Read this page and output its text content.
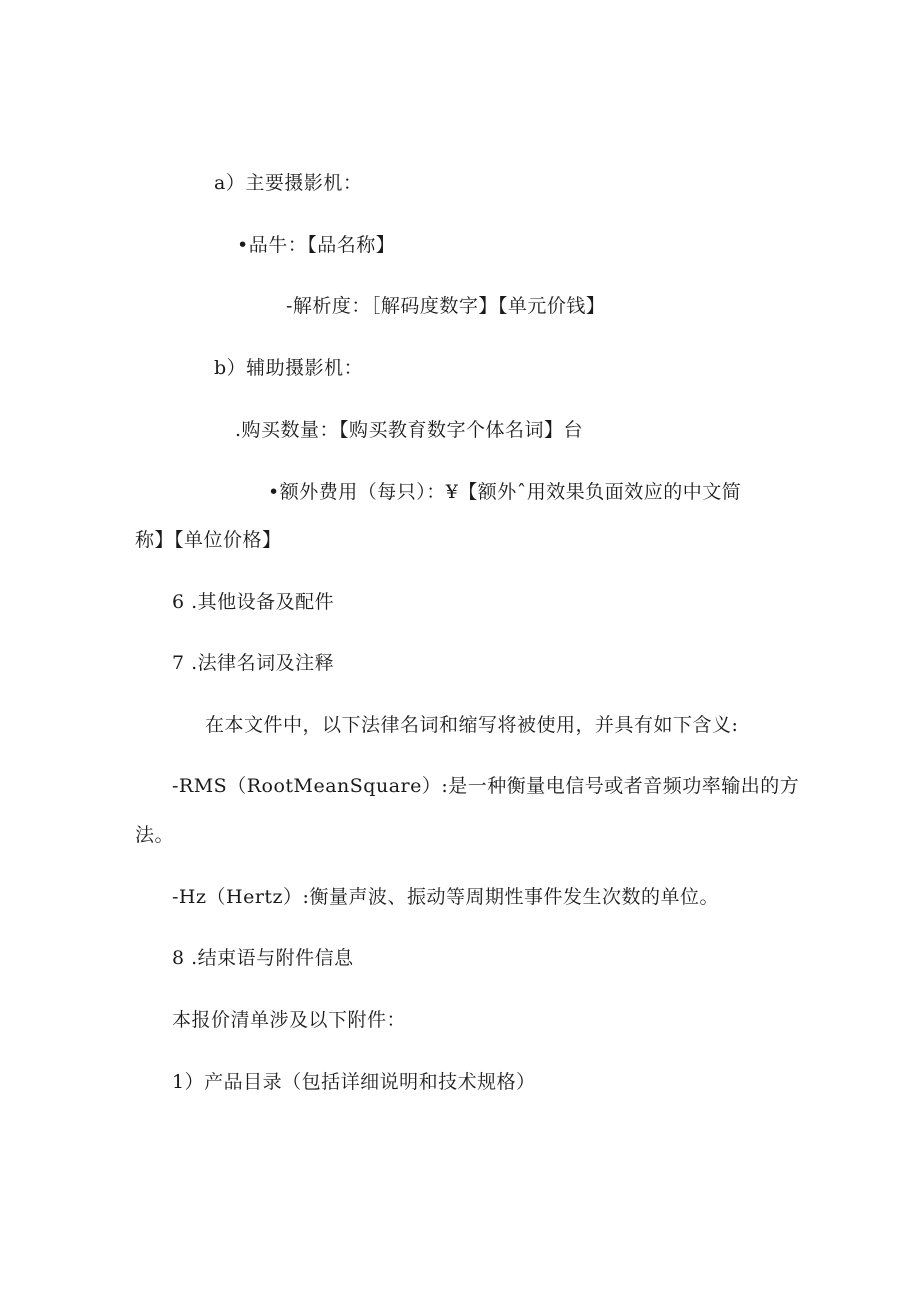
a）主要摄影机：
•品牛：【品名称】
-解析度：［解码度数字】【单元价钱】
b）辅助摄影机：
.购买数量：【购买教育数字个体名词】台
•额外费用（每只）：¥【额外ˆ用效果负面效应的中文简
称】【单位价格】
6 .其他设备及配件
7 .法律名词及注释
在本文件中，以下法律名词和缩写将被使用，并具有如下含义:
-RMS（RootMeanSquare）:是一种衡量电信号或者音频功率输出的方
法。
-Hz（Hertz）:衡量声波、振动等周期性事件发生次数的单位。
8 .结束语与附件信息
本报价清单涉及以下附件：
1）产品目录（包括详细说明和技术规格）
